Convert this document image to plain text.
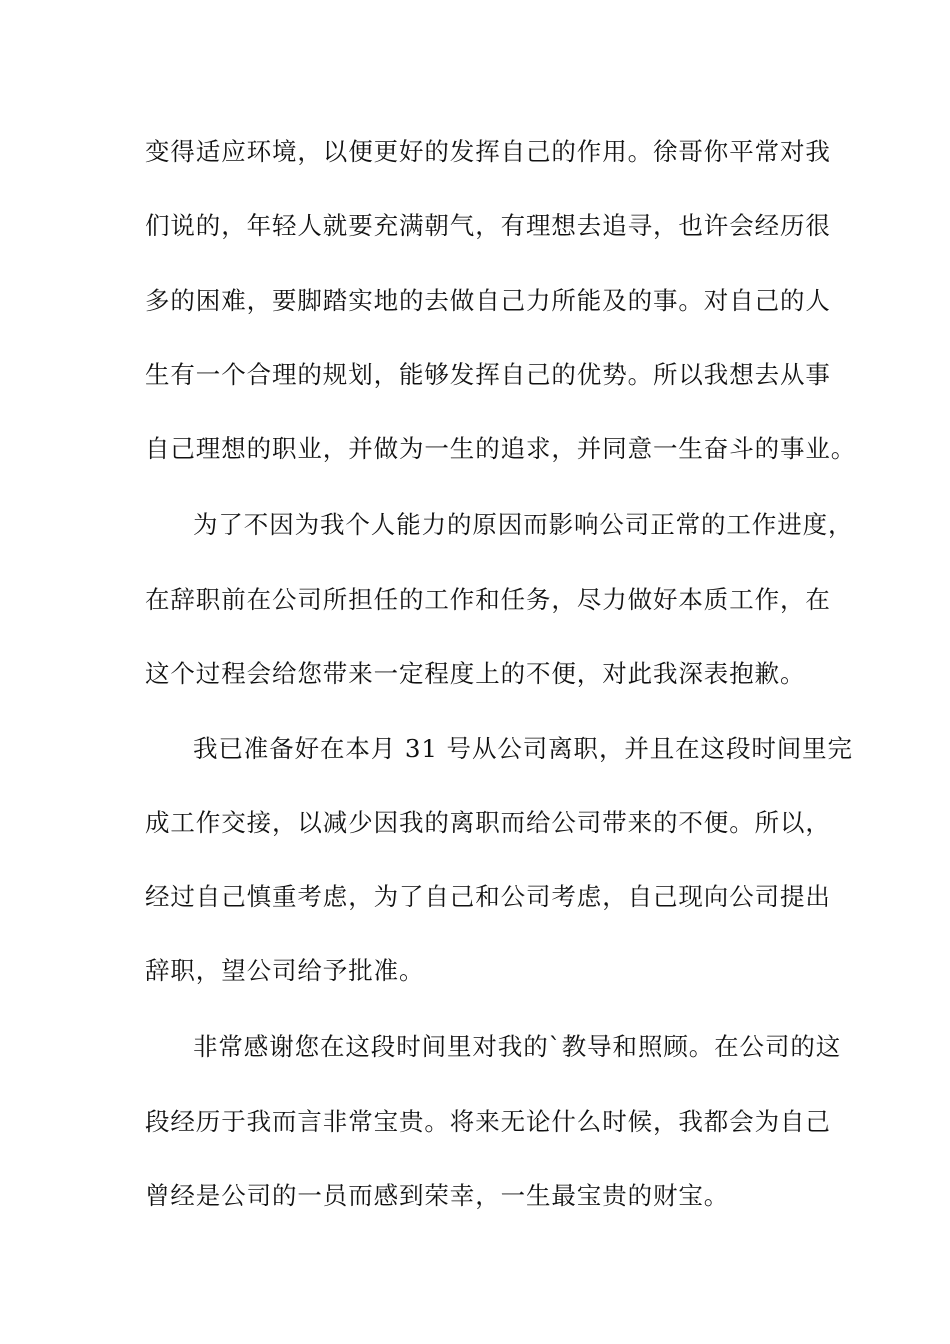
变得适应环境，以便更好的发挥自己的作用。徐哥你平常对我
们说的，年轻人就要充满朝气，有理想去追寻，也许会经历很
多的困难，要脚踏实地的去做自己力所能及的事。对自己的人
生有一个合理的规划，能够发挥自己的优势。所以我想去从事
自己理想的职业，并做为一生的追求，并同意一生奋斗的事业。
为了不因为我个人能力的原因而影响公司正常的工作进度，
在辞职前在公司所担任的工作和任务，尽力做好本质工作，在
这个过程会给您带来一定程度上的不便，对此我深表抱歉。
我已准备好在本月 31 号从公司离职，并且在这段时间里完
成工作交接，以减少因我的离职而给公司带来的不便。所以，
经过自己慎重考虑，为了自己和公司考虑，自己现向公司提出
辞职，望公司给予批准。
非常感谢您在这段时间里对我的`教导和照顾。在公司的这
段经历于我而言非常宝贵。将来无论什么时候，我都会为自己
曾经是公司的一员而感到荣幸，一生最宝贵的财宝。
